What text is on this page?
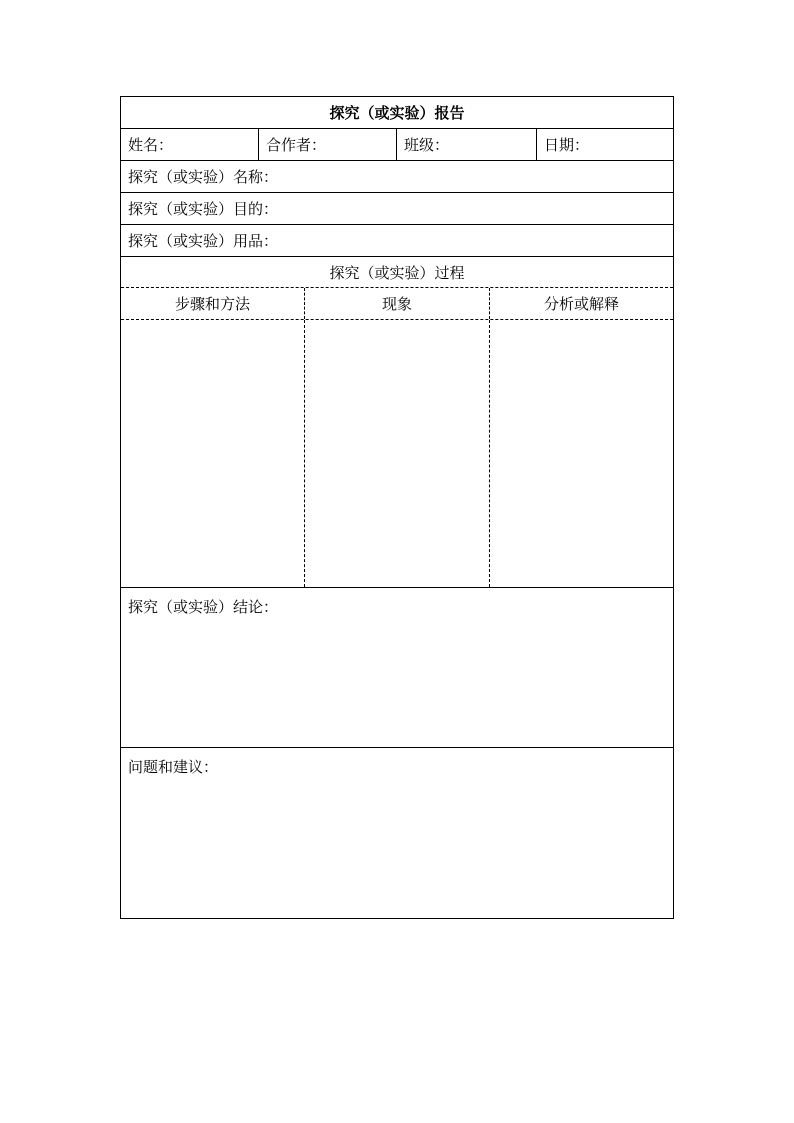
探究（或实验）报告
姓名：	合作者：	班级：	日期：
探究（或实验）名称：
探究（或实验）目的：
探究（或实验）用品：
探究（或实验）过程
步骤和方法	现象	分析或解释
探究（或实验）结论：
问题和建议：
